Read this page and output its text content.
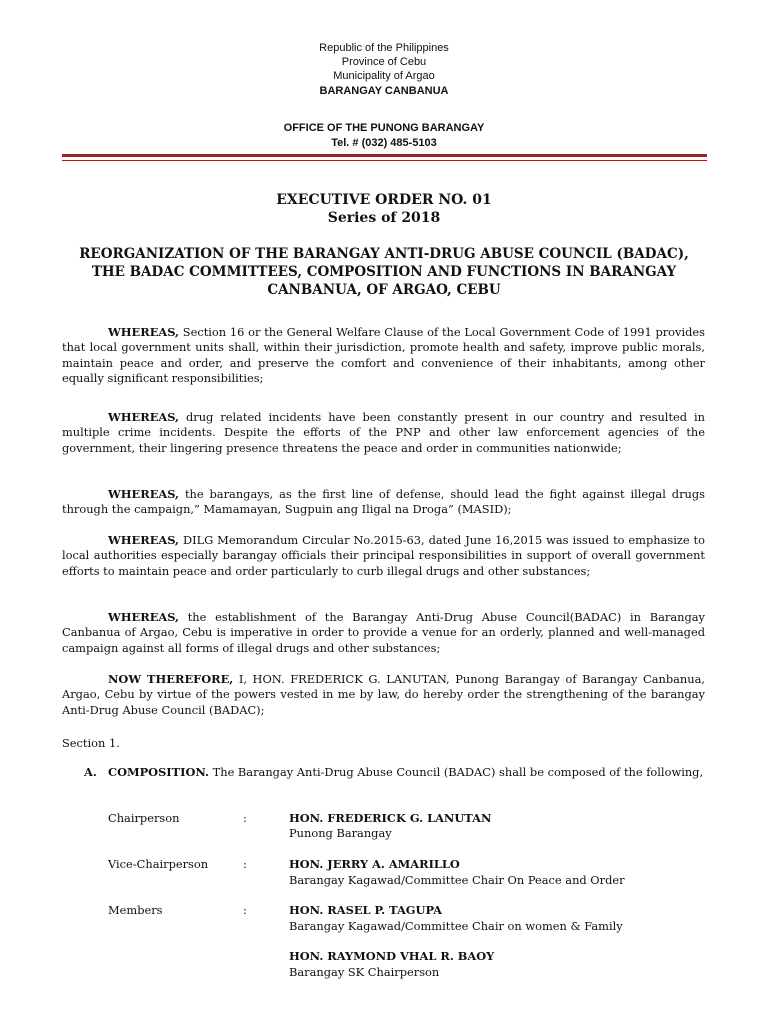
Republic of the Philippines
Province of Cebu
Municipality of Argao
BARANGAY CANBANUA
OFFICE OF THE PUNONG BARANGAY
Tel. # (032) 485-5103
EXECUTIVE ORDER NO. 01
Series of 2018
REORGANIZATION OF THE BARANGAY ANTI-DRUG ABUSE COUNCIL (BADAC),
THE BADAC COMMITTEES, COMPOSITION AND FUNCTIONS IN BARANGAY
CANBANUA, OF ARGAO, CEBU
WHEREAS, Section 16 or the General Welfare Clause of the Local Government Code of 1991 provides that local government units shall, within their jurisdiction, promote health and safety, improve public morals, maintain peace and order, and preserve the comfort and convenience of their inhabitants, among other equally significant responsibilities;
WHEREAS, drug related incidents have been constantly present in our country and resulted in multiple crime incidents. Despite the efforts of the PNP and other law enforcement agencies of the government, their lingering presence threatens the peace and order in communities nationwide;
WHEREAS, the barangays, as the first line of defense, should lead the fight against illegal drugs through the campaign,” Mamamayan, Sugpuin ang Iligal na Droga” (MASID);
WHEREAS, DILG Memorandum Circular No.2015-63, dated June 16,2015 was issued to emphasize to local authorities especially barangay officials their principal responsibilities in support of overall government efforts to maintain peace and order particularly to curb illegal drugs and other substances;
WHEREAS, the establishment of the Barangay Anti-Drug Abuse Council(BADAC) in Barangay Canbanua of Argao, Cebu is imperative in order to provide a venue for an orderly, planned and well-managed campaign against all forms of illegal drugs and other substances;
NOW THEREFORE, I, HON. FREDERICK G. LANUTAN, Punong Barangay of Barangay Canbanua, Argao, Cebu by virtue of the powers vested in me by law, do hereby order the strengthening of the barangay Anti-Drug Abuse Council (BADAC);
Section 1.
A. COMPOSITION. The Barangay Anti-Drug Abuse Council (BADAC) shall be composed of the following,
Chairperson	:	HON. FREDERICK G. LANUTAN
Punong Barangay
Vice-Chairperson	:	HON. JERRY A. AMARILLO
Barangay Kagawad/Committee Chair On Peace and Order
Members	:	HON. RASEL P. TAGUPA
Barangay Kagawad/Committee Chair on women & Family
HON. RAYMOND VHAL R. BAOY
Barangay SK Chairperson
